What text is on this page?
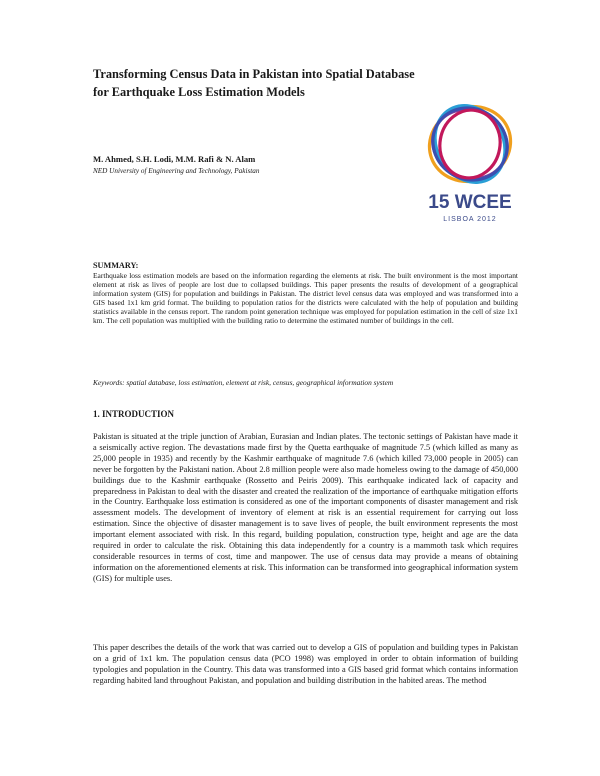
Transforming Census Data in Pakistan into Spatial Database for Earthquake Loss Estimation Models

M. Ahmed, S.H. Lodi, M.M. Rafi & N. Alam

NED University of Engineering and Technology, Pakistan

15 WCEE
LISBOA 2012

SUMMARY:

Earthquake loss estimation models are based on the information regarding the elements at risk. The built environment is the most important element at risk as lives of people are lost due to collapsed buildings. This paper presents the results of development of a geographical information system (GIS) for population and buildings in Pakistan. The district level census data was employed and was transformed into a GIS based 1x1 km grid format. The building to population ratios for the districts were calculated with the help of population and building statistics available in the census report. The random point generation technique was employed for population estimation in the cell of size 1x1 km. The cell population was multiplied with the building ratio to determine the estimated number of buildings in the cell.

Keywords: spatial database, loss estimation, element at risk, census, geographical information system

1. INTRODUCTION

Pakistan is situated at the triple junction of Arabian, Eurasian and Indian plates. The tectonic settings of Pakistan have made it a seismically active region. The devastations made first by the Quetta earthquake of magnitude 7.5 (which killed as many as 25,000 people in 1935) and recently by the Kashmir earthquake of magnitude 7.6 (which killed 73,000 people in 2005) can never be forgotten by the Pakistani nation. About 2.8 million people were also made homeless owing to the damage of 450,000 buildings due to the Kashmir earthquake (Rossetto and Peiris 2009). This earthquake indicated lack of capacity and preparedness in Pakistan to deal with the disaster and created the realization of the importance of earthquake mitigation efforts in the Country. Earthquake loss estimation is considered as one of the important components of disaster management and risk assessment models. The development of inventory of element at risk is an essential requirement for carrying out loss estimation. Since the objective of disaster management is to save lives of people, the built environment represents the most important element associated with risk. In this regard, building population, construction type, height and age are the data required in order to calculate the risk. Obtaining this data independently for a country is a mammoth task which requires considerable resources in terms of cost, time and manpower. The use of census data may provide a means of obtaining information on the aforementioned elements at risk. This information can be transformed into geographical information system (GIS) for multiple uses.

This paper describes the details of the work that was carried out to develop a GIS of population and building types in Pakistan on a grid of 1x1 km. The population census data (PCO 1998) was employed in order to obtain information of building typologies and population in the Country. This data was transformed into a GIS based grid format which contains information regarding habited land throughout Pakistan, and population and building distribution in the habited areas. The method
